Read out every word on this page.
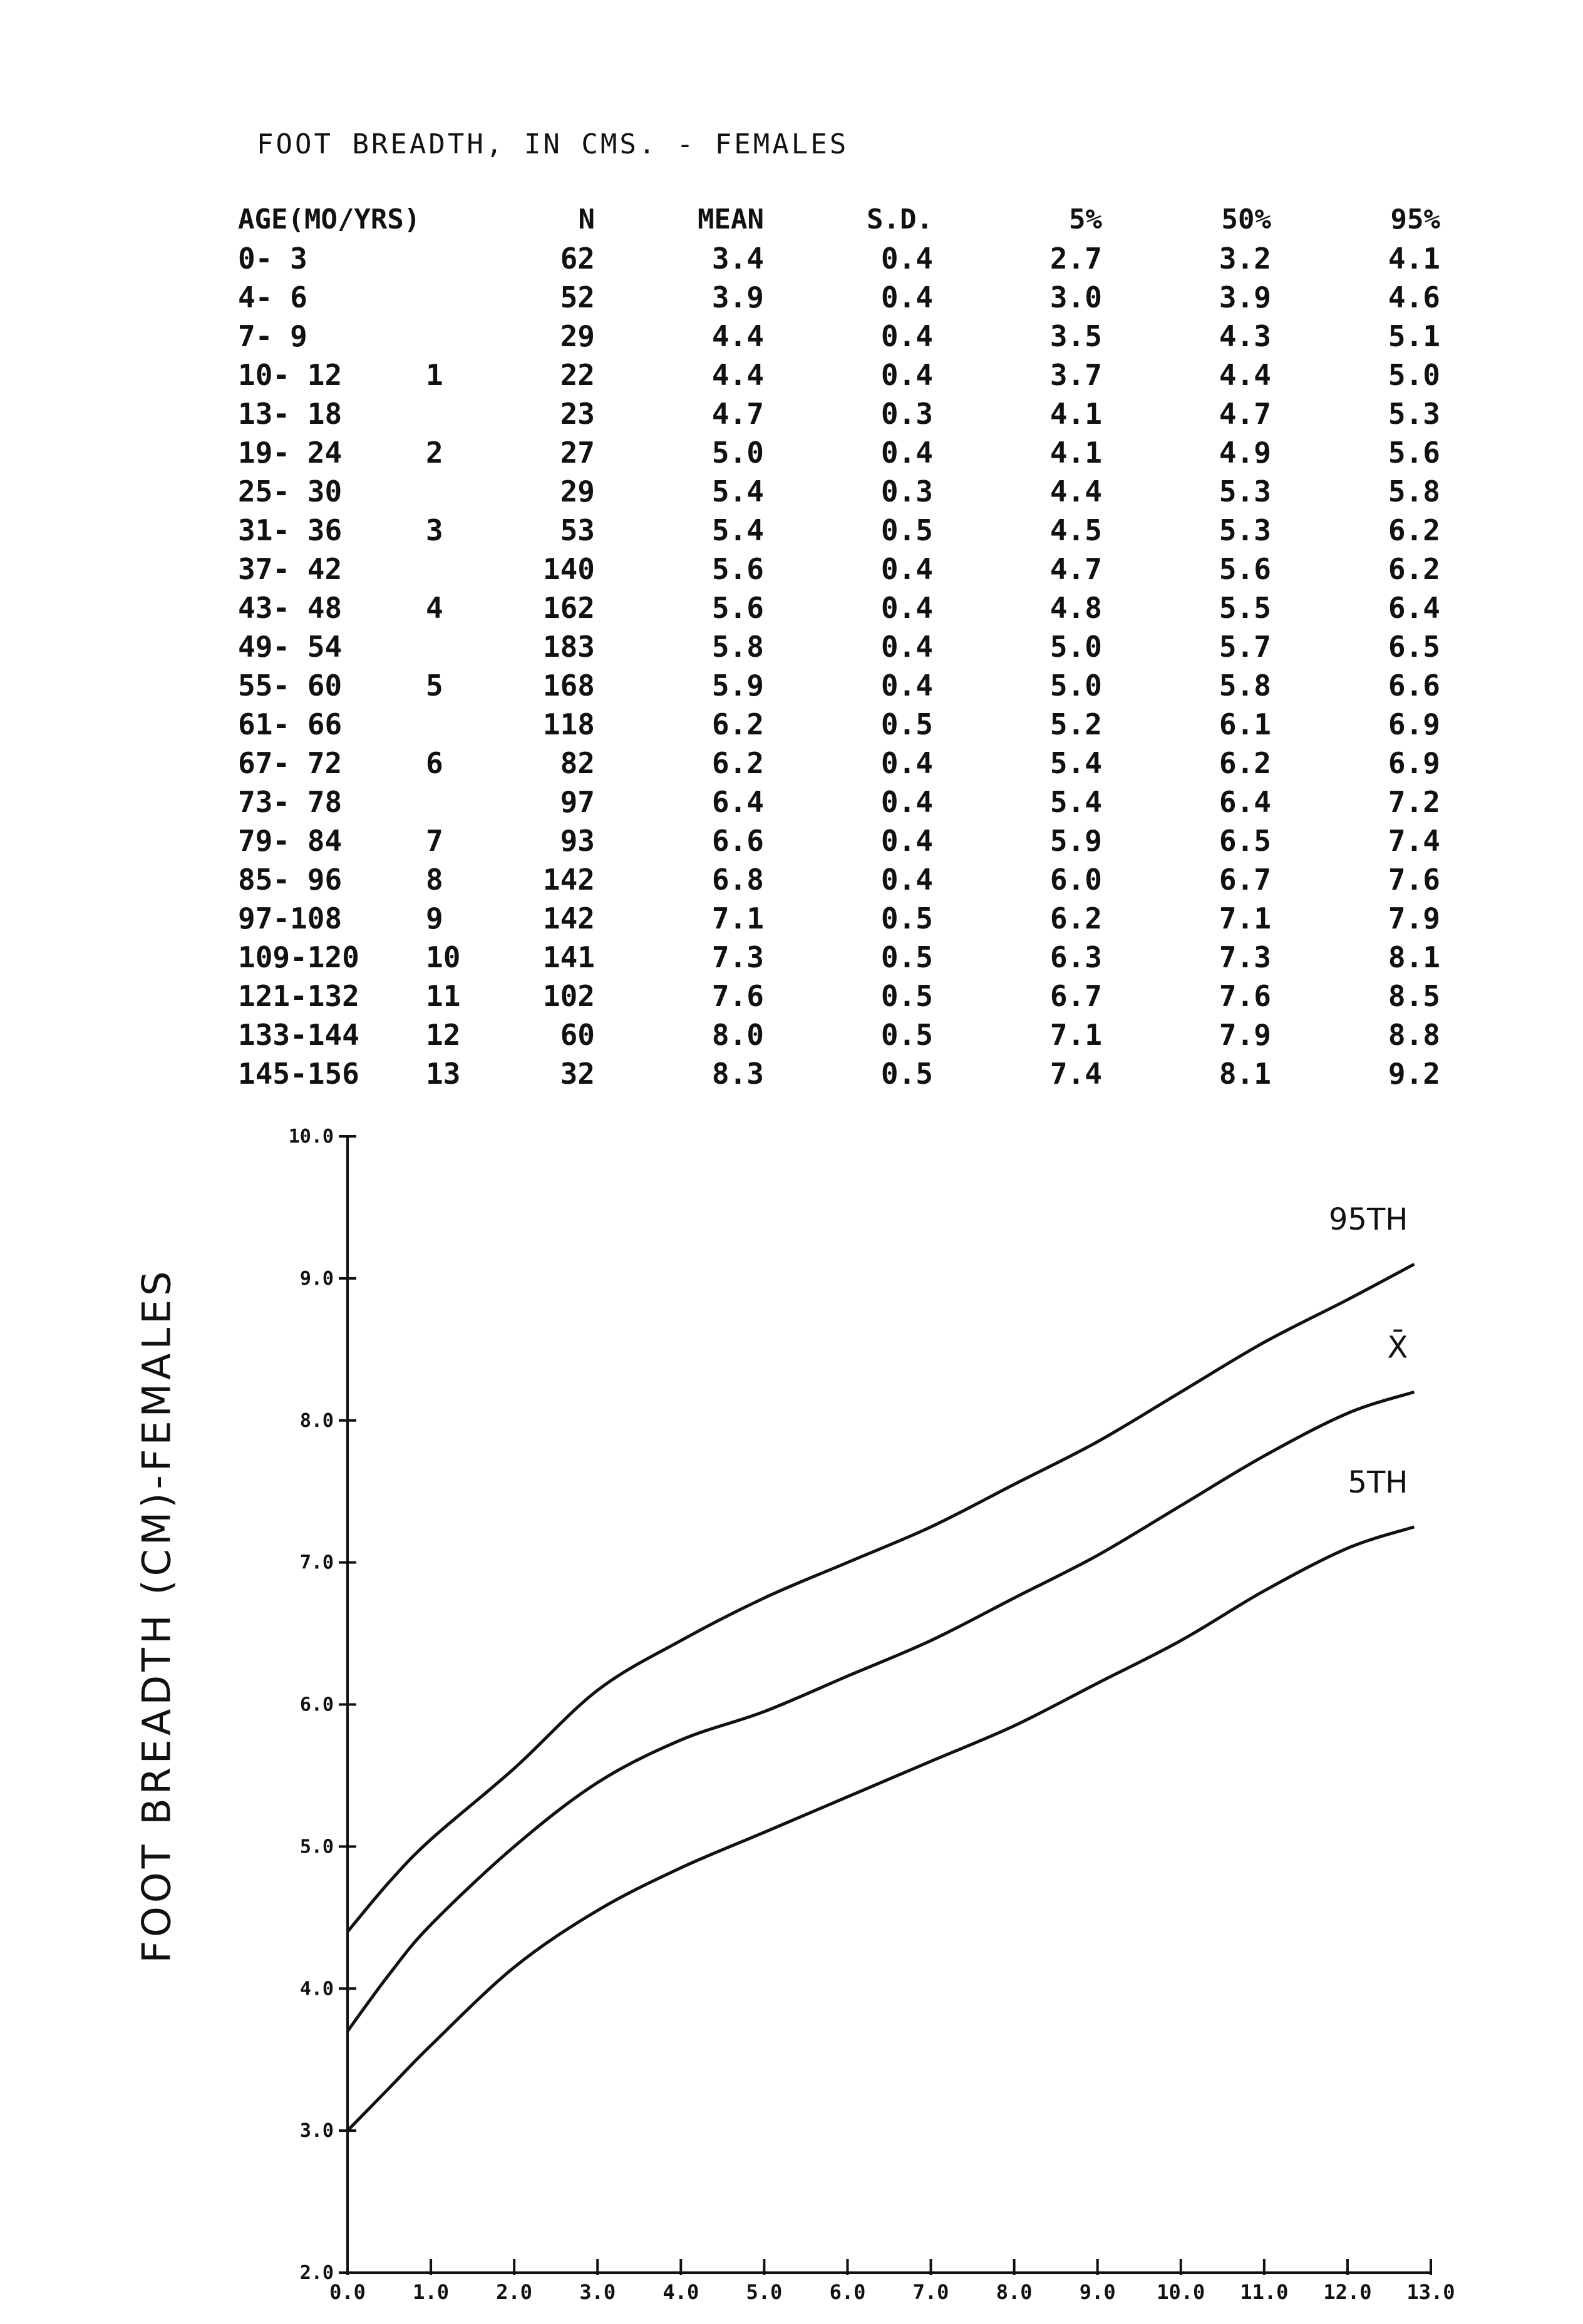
FOOT BREADTH, IN CMS. - FEMALES
AGE(MO/YRS)		N	MEAN	S.D.	5%	50%	95%
0- 3		62	3.4	0.4	2.7	3.2	4.1
4- 6		52	3.9	0.4	3.0	3.9	4.6
7- 9		29	4.4	0.4	3.5	4.3	5.1
10- 12	1	22	4.4	0.4	3.7	4.4	5.0
13- 18		23	4.7	0.3	4.1	4.7	5.3
19- 24	2	27	5.0	0.4	4.1	4.9	5.6
25- 30		29	5.4	0.3	4.4	5.3	5.8
31- 36	3	53	5.4	0.5	4.5	5.3	6.2
37- 42		140	5.6	0.4	4.7	5.6	6.2
43- 48	4	162	5.6	0.4	4.8	5.5	6.4
49- 54		183	5.8	0.4	5.0	5.7	6.5
55- 60	5	168	5.9	0.4	5.0	5.8	6.6
61- 66		118	6.2	0.5	5.2	6.1	6.9
67- 72	6	82	6.2	0.4	5.4	6.2	6.9
73- 78		97	6.4	0.4	5.4	6.4	7.2
79- 84	7	93	6.6	0.4	5.9	6.5	7.4
85- 96	8	142	6.8	0.4	6.0	6.7	7.6
97-108	9	142	7.1	0.5	6.2	7.1	7.9
109-120	10	141	7.3	0.5	6.3	7.3	8.1
121-132	11	102	7.6	0.5	6.7	7.6	8.5
133-144	12	60	8.0	0.5	7.1	7.9	8.8
145-156	13	32	8.3	0.5	7.4	8.1	9.2
FOOT BREADTH (CM)-FEMALES
0.0 1.0 2.0 3.0 4.0 5.0 6.0 7.0 8.0 9.0 10.0 11.0 12.0 13.0
2.0
3.0
4.0
5.0
6.0
7.0
8.0
9.0
10.0
95TH
X̄
5TH
